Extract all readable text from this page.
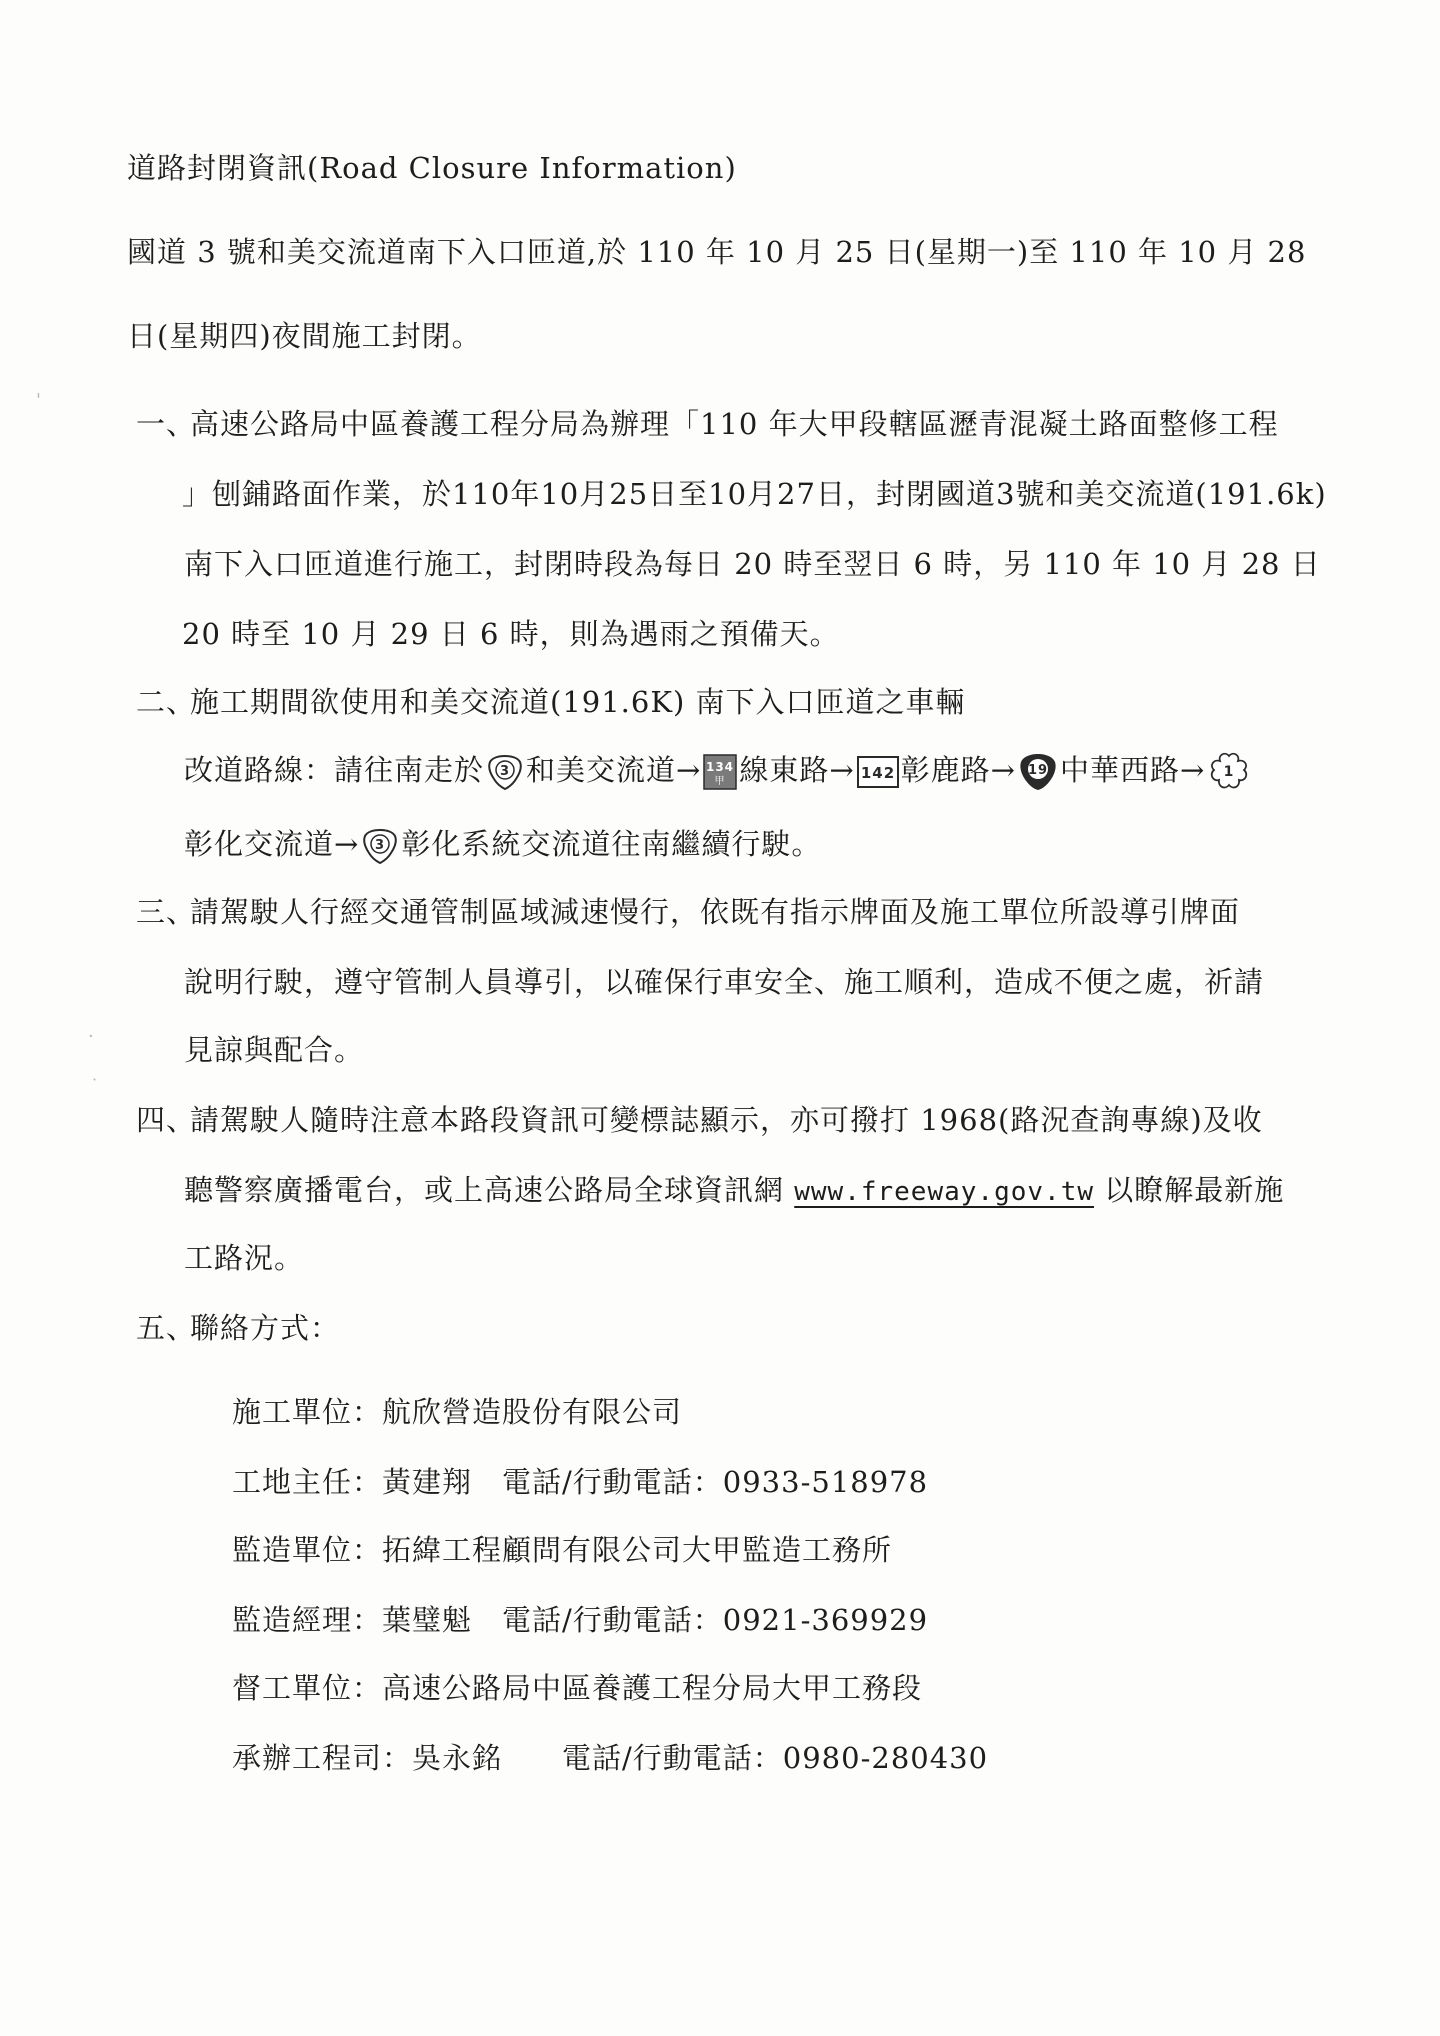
道路封閉資訊(Road Closure Information)
國道 3 號和美交流道南下入口匝道,於 110 年 10 月 25 日(星期一)至 110 年 10 月 28
日(星期四)夜間施工封閉。
一、
高速公路局中區養護工程分局為辦理「110 年大甲段轄區瀝青混凝土路面整修工程
」刨鋪路面作業，於110年10月25日至10月27日，封閉國道3號和美交流道(191.6k)
南下入口匝道進行施工，封閉時段為每日 20 時至翌日 6 時，另 110 年 10 月 28 日
20 時至 10 月 29 日 6 時，則為遇雨之預備天。
二、
施工期間欲使用和美交流道(191.6K) 南下入口匝道之車輛
改道路線：請往南走於 3 和美交流道→ 134
甲 線東路→ 142 彰鹿路→ 19 中華西路→ 1
彰化交流道→ 3 彰化系統交流道往南繼續行駛。
三、
請駕駛人行經交通管制區域減速慢行，依既有指示牌面及施工單位所設導引牌面
說明行駛，遵守管制人員導引，以確保行車安全、施工順利，造成不便之處，祈請
見諒與配合。
四、
請駕駛人隨時注意本路段資訊可變標誌顯示，亦可撥打 1968(路況查詢專線)及收
聽警察廣播電台，或上高速公路局全球資訊網 www.freeway.gov.tw 以瞭解最新施
工路況。
五、
聯絡方式：
施工單位：航欣營造股份有限公司
工地主任：黃建翔　電話/行動電話：0933-518978
監造單位：拓緯工程顧問有限公司大甲監造工務所
監造經理：葉璧魁　電話/行動電話：0921-369929
督工單位：高速公路局中區養護工程分局大甲工務段
承辦工程司：吳永銘　　電話/行動電話：0980-280430
'
·
˙
